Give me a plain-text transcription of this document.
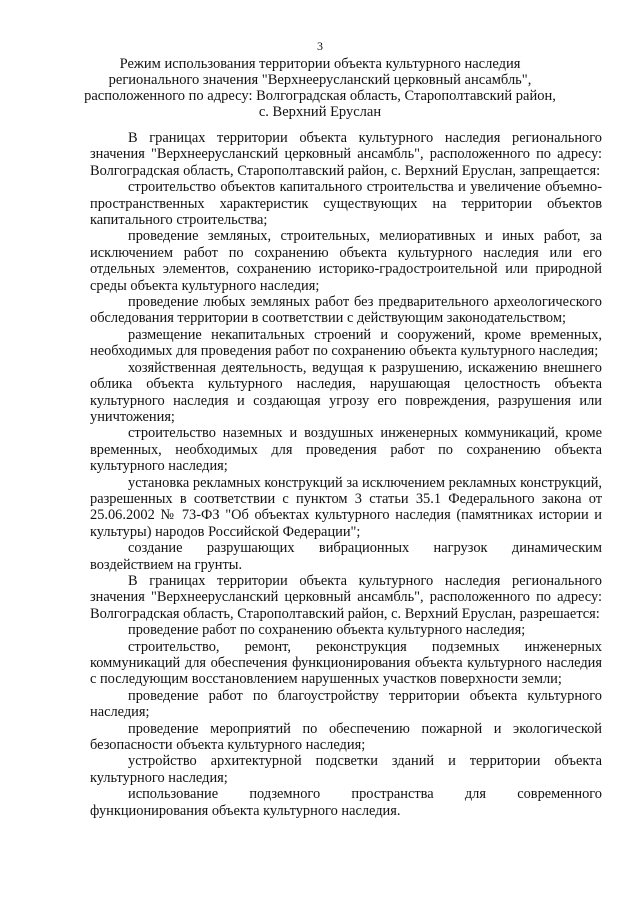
3
Режим использования территории объекта культурного наследия
регионального значения "Верхнеерусланский церковный ансамбль",
расположенного по адресу: Волгоградская область, Старополтавский район,
с. Верхний Еруслан

В границах территории объекта культурного наследия регионального значения "Верхнеерусланский церковный ансамбль", расположенного по адресу: Волгоградская область, Старополтавский район, с. Верхний Еруслан, запрещается:

строительство объектов капитального строительства и увеличение объемно-пространственных характеристик существующих на территории объектов капитального строительства;

проведение земляных, строительных, мелиоративных и иных работ, за исключением работ по сохранению объекта культурного наследия или его отдельных элементов, сохранению историко-градостроительной или природной среды объекта культурного наследия;

проведение любых земляных работ без предварительного археологического обследования территории в соответствии с действующим законодательством;

размещение некапитальных строений и сооружений, кроме временных, необходимых для проведения работ по сохранению объекта культурного наследия;

хозяйственная деятельность, ведущая к разрушению, искажению внешнего облика объекта культурного наследия, нарушающая целостность объекта культурного наследия и создающая угрозу его повреждения, разрушения или уничтожения;

строительство наземных и воздушных инженерных коммуникаций, кроме временных, необходимых для проведения работ по сохранению объекта культурного наследия;

установка рекламных конструкций за исключением рекламных конструкций, разрешенных в соответствии с пунктом 3 статьи 35.1 Федерального закона от 25.06.2002 № 73-ФЗ "Об объектах культурного наследия (памятниках истории и культуры) народов Российской Федерации";

создание разрушающих вибрационных нагрузок динамическим воздействием на грунты.

В границах территории объекта культурного наследия регионального значения "Верхнеерусланский церковный ансамбль", расположенного по адресу: Волгоградская область, Старополтавский район, с. Верхний Еруслан, разрешается:

проведение работ по сохранению объекта культурного наследия;

строительство, ремонт, реконструкция подземных инженерных коммуникаций для обеспечения функционирования объекта культурного наследия с последующим восстановлением нарушенных участков поверхности земли;

проведение работ по благоустройству территории объекта культурного наследия;

проведение мероприятий по обеспечению пожарной и экологической безопасности объекта культурного наследия;

устройство архитектурной подсветки зданий и территории объекта культурного наследия;

использование подземного пространства для современного функционирования объекта культурного наследия.
